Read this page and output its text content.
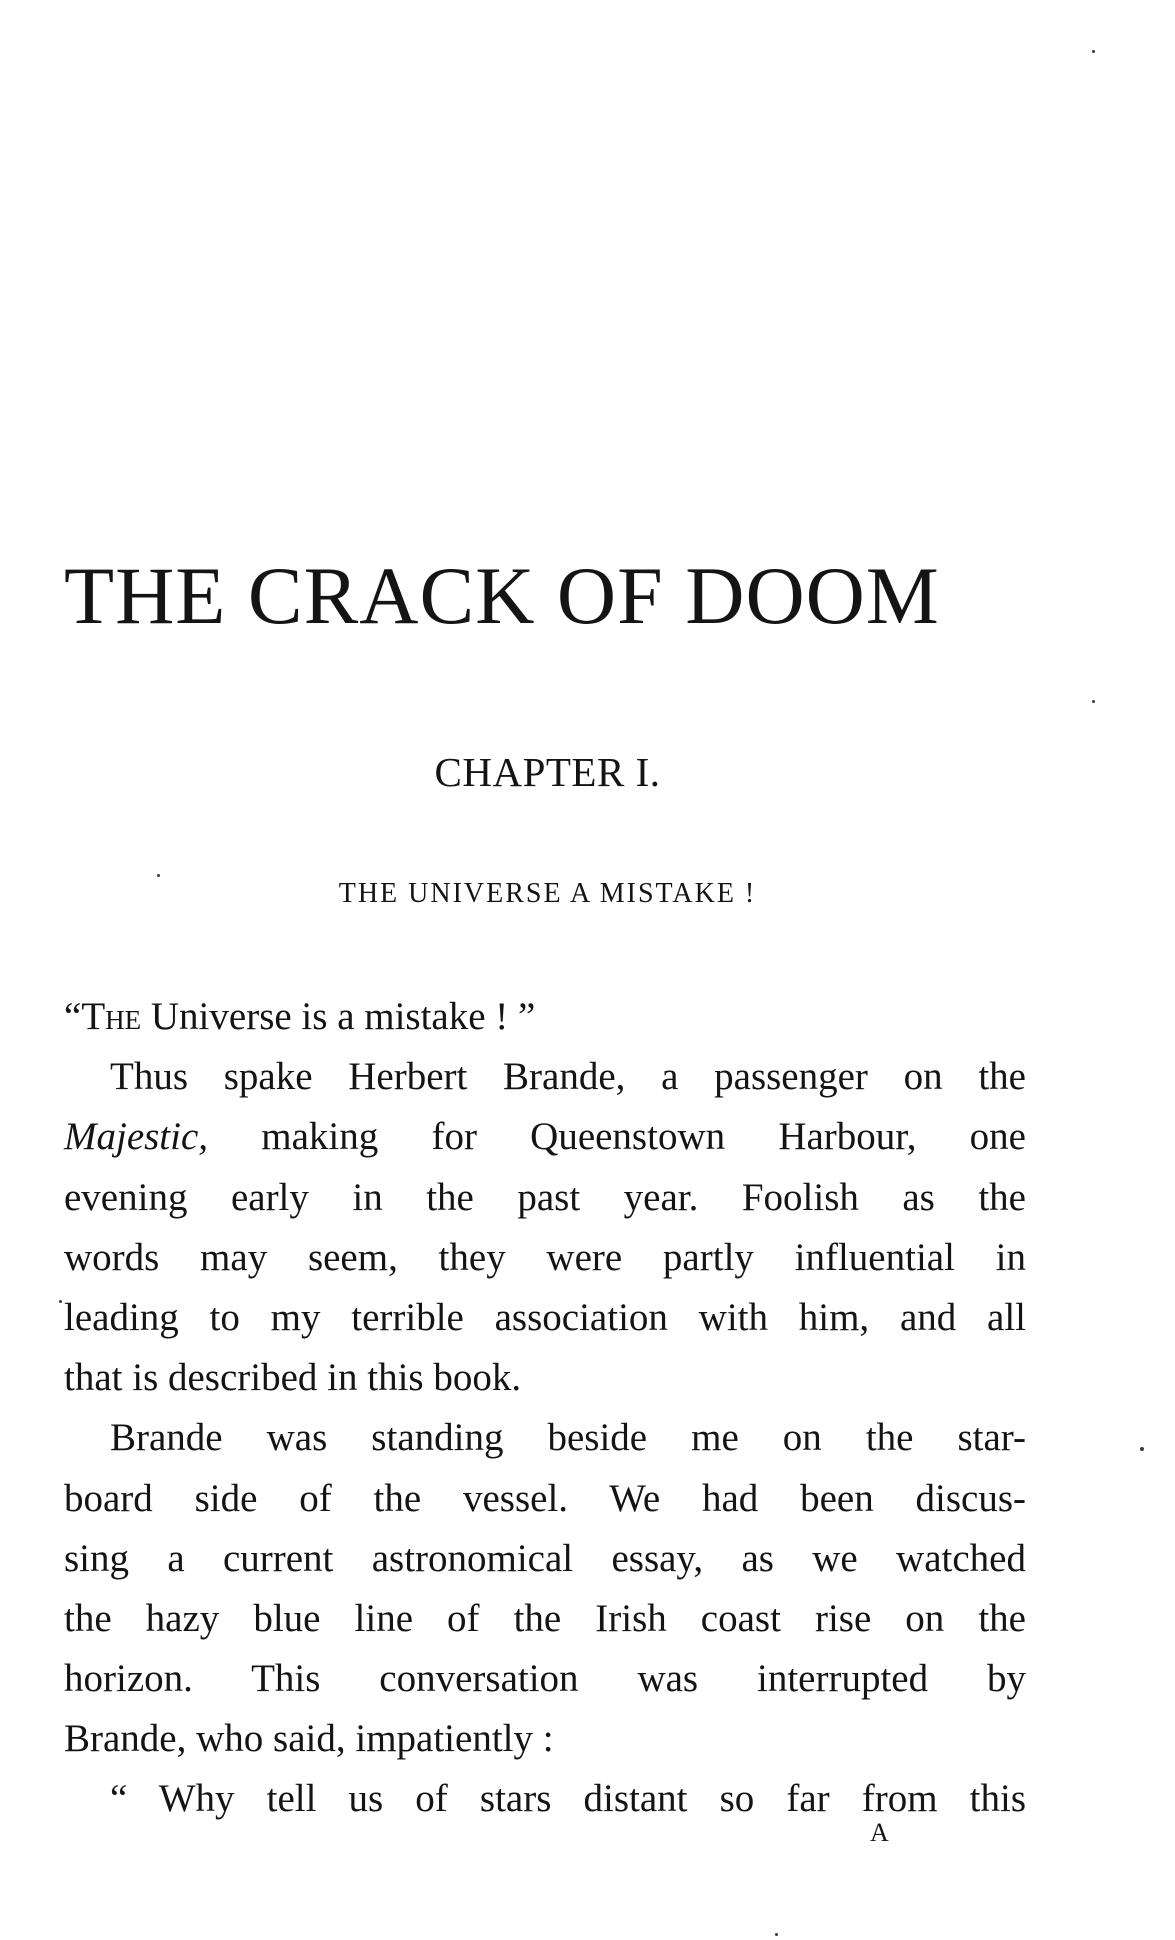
THE CRACK OF DOOM
CHAPTER I.
THE UNIVERSE A MISTAKE !
“The Universe is a mistake ! ”
Thus spake Herbert Brande, a passenger on the
Majestic, making for Queenstown Harbour, one
evening early in the past year. Foolish as the
words may seem, they were partly influential in
leading to my terrible association with him, and all
that is described in this book.
Brande was standing beside me on the star-
board side of the vessel. We had been discus-
sing a current astronomical essay, as we watched
the hazy blue line of the Irish coast rise on the
horizon. This conversation was interrupted by
Brande, who said, impatiently :
“ Why tell us of stars distant so far from this
A
